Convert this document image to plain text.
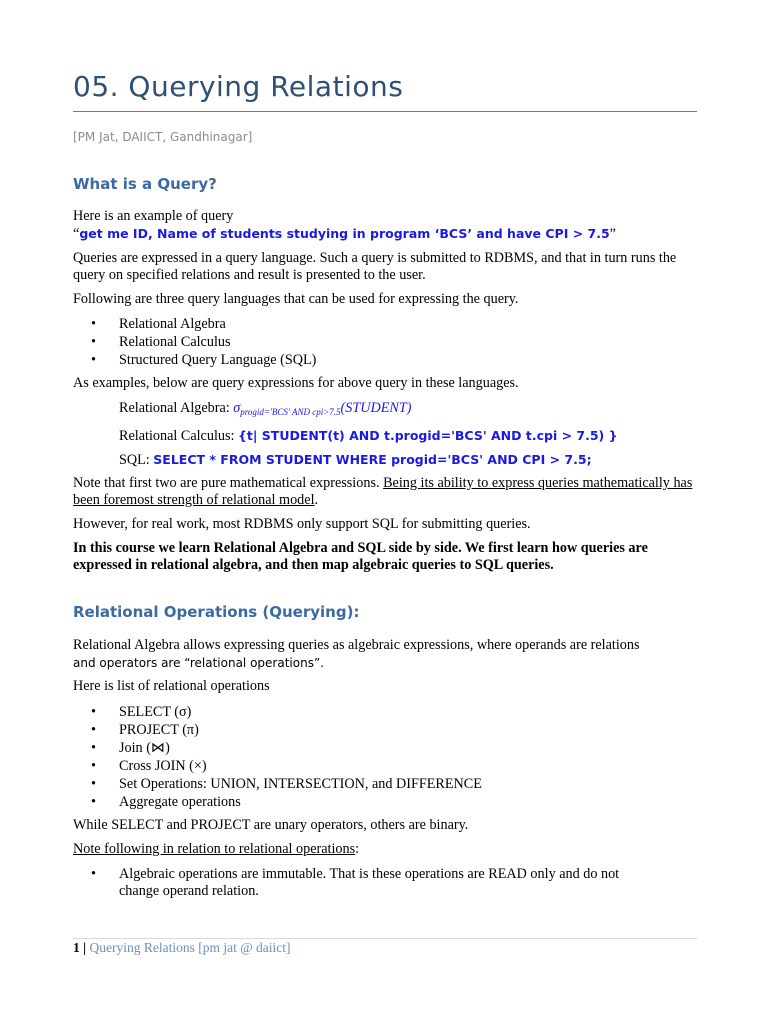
05. Querying Relations
[PM Jat, DAIICT, Gandhinagar]
What is a Query?
Here is an example of query
“get me ID, Name of students studying in program ‘BCS’ and have CPI > 7.5”
Queries are expressed in a query language. Such a query is submitted to RDBMS, and that in turn runs the query on specified relations and result is presented to the user.
Following are three query languages that can be used for expressing the query.
• Relational Algebra
• Relational Calculus
• Structured Query Language (SQL)
As examples, below are query expressions for above query in these languages.
Relational Algebra: $\sigma_{progid='BCS' AND cpi>7.5}(STUDENT)$
Relational Calculus: {t| STUDENT(t) AND t.progid='BCS' AND t.cpi > 7.5) }
SQL: SELECT * FROM STUDENT WHERE progid='BCS' AND CPI > 7.5;
Note that first two are pure mathematical expressions. Being its ability to express queries mathematically has been foremost strength of relational model.
However, for real work, most RDBMS only support SQL for submitting queries.
In this course we learn Relational Algebra and SQL side by side. We first learn how queries are expressed in relational algebra, and then map algebraic queries to SQL queries.
Relational Operations (Querying):
Relational Algebra allows expressing queries as algebraic expressions, where operands are relations
and operators are “relational operations”.
Here is list of relational operations
• SELECT (σ)
• PROJECT (π)
• Join (⋈)
• Cross JOIN (×)
• Set Operations: UNION, INTERSECTION, and DIFFERENCE
• Aggregate operations
While SELECT and PROJECT are unary operators, others are binary.
Note following in relation to relational operations:
• Algebraic operations are immutable. That is these operations are READ only and do not change operand relation.
1 | Querying Relations [pm jat @ daiict]
